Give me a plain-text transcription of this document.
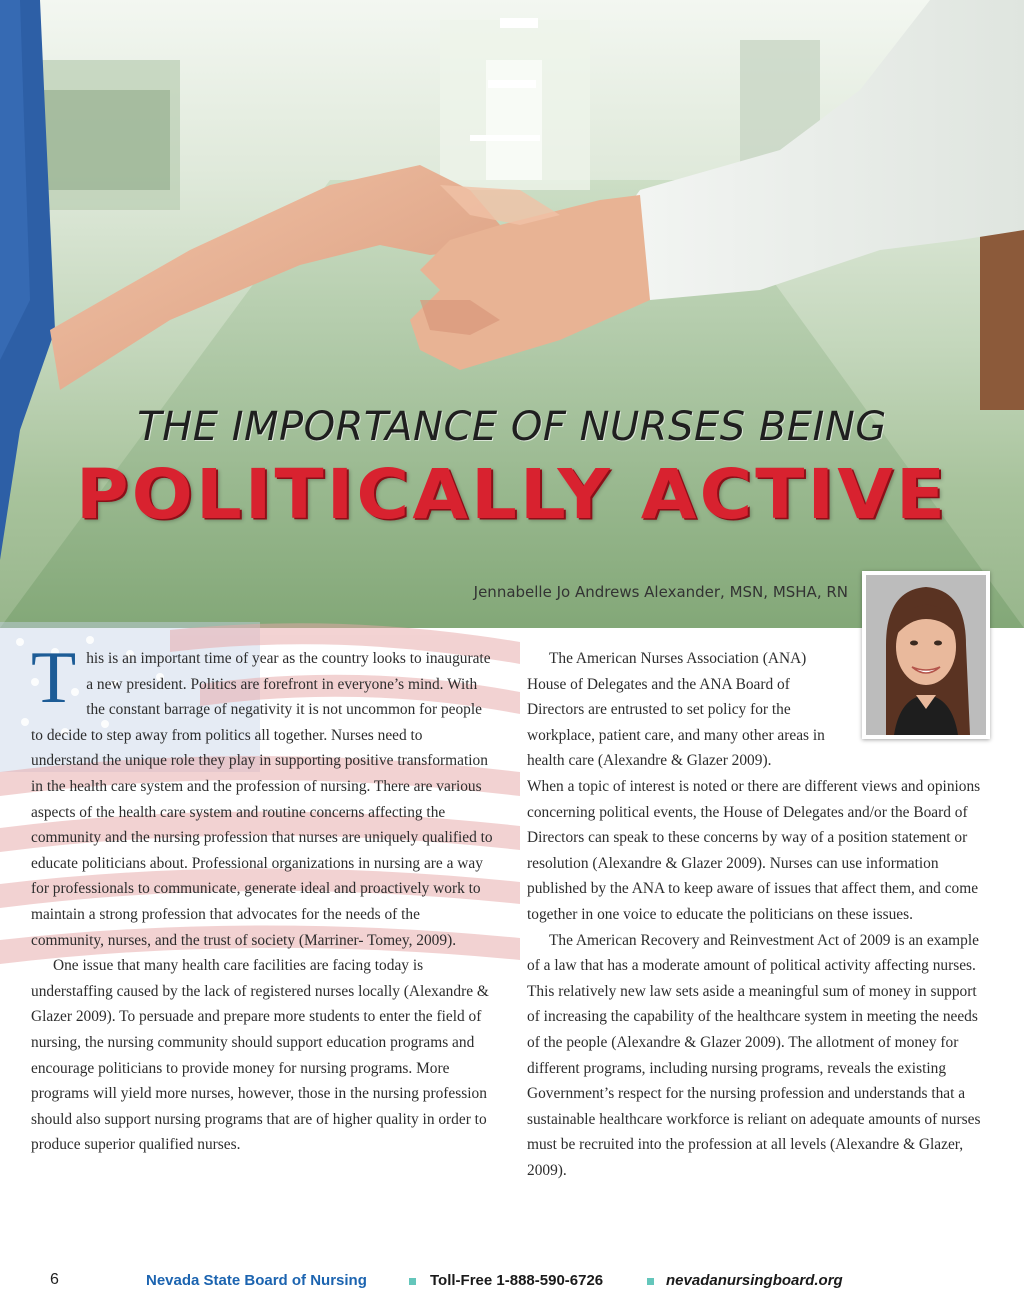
THE IMPORTANCE OF NURSES BEING
POLITICALLY ACTIVE
Jennabelle Jo Andrews Alexander, MSN, MSHA, RN

This is an important time of year as the country looks to inaugurate a new president. Politics are forefront in everyone’s mind. With the constant barrage of negativity it is not uncommon for people to decide to step away from politics all together. Nurses need to understand the unique role they play in supporting positive transformation in the health care system and the profession of nursing. There are various aspects of the health care system and routine concerns affecting the community and the nursing profession that nurses are uniquely qualified to educate politicians about. Professional organizations in nursing are a way for professionals to communicate, generate ideal and proactively work to maintain a strong profession that advocates for the needs of the community, nurses, and the trust of society (Marriner- Tomey, 2009).

One issue that many health care facilities are facing today is understaffing caused by the lack of registered nurses locally (Alexandre & Glazer 2009). To persuade and prepare more students to enter the field of nursing, the nursing community should support education programs and encourage politicians to provide money for nursing programs. More programs will yield more nurses, however, those in the nursing profession should also support nursing programs that are of higher quality in order to produce superior qualified nurses.

The American Nurses Association (ANA) House of Delegates and the ANA Board of Directors are entrusted to set policy for the workplace, patient care, and many other areas in health care (Alexandre & Glazer 2009).

When a topic of interest is noted or there are different views and opinions concerning political events, the House of Delegates and/or the Board of Directors can speak to these concerns by way of a position statement or resolution (Alexandre & Glazer 2009). Nurses can use information published by the ANA to keep aware of issues that affect them, and come together in one voice to educate the politicians on these issues.

The American Recovery and Reinvestment Act of 2009 is an example of a law that has a moderate amount of political activity affecting nurses. This relatively new law sets aside a meaningful sum of money in support of increasing the capability of the healthcare system in meeting the needs of the people (Alexandre & Glazer 2009). The allotment of money for different programs, including nursing programs, reveals the existing Government’s respect for the nursing profession and understands that a sustainable healthcare workforce is reliant on adequate amounts of nurses must be recruited into the profession at all levels (Alexandre & Glazer, 2009).

6	Nevada State Board of Nursing	Toll-Free 1-888-590-6726	nevadanursingboard.org
